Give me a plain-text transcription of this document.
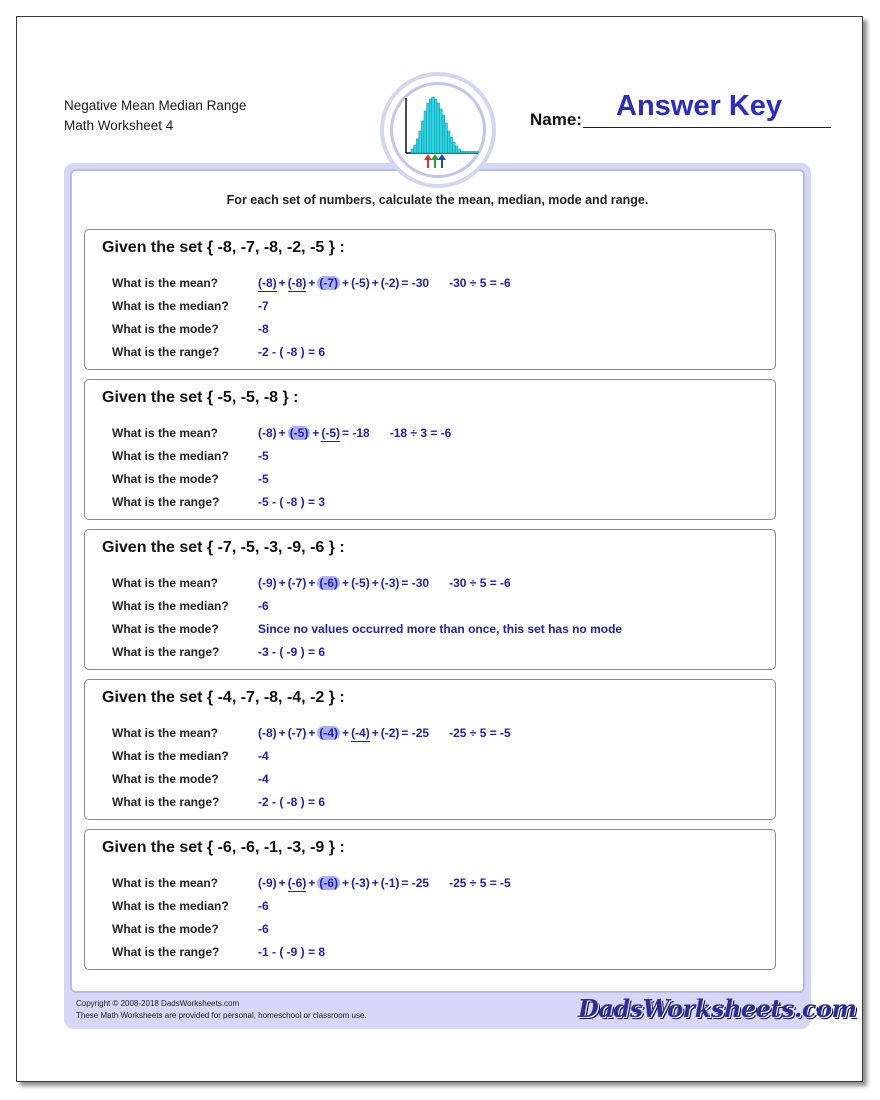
Negative Mean Median Range
Math Worksheet 4
Answer Key
Name:
For each set of numbers, calculate the mean, median, mode and range.
Given the set { -8, -7, -8, -2, -5 } :
What is the mean?	(-8) + (-8) + (-7) + (-5) + (-2) = -30 -30 ÷ 5 = -6
What is the median? -7
What is the mode?	-8
What is the range?	-2 - ( -8 ) = 6
Given the set { -5, -5, -8 } :
What is the mean?	(-8) + (-5) + (-5) = -18 -18 ÷ 3 = -6
What is the median? -5
What is the mode?	-5
What is the range?	-5 - ( -8 ) = 3
Given the set { -7, -5, -3, -9, -6 } :
What is the mean?	(-9) + (-7) + (-6) + (-5) + (-3) = -30 -30 ÷ 5 = -6
What is the median? -6
What is the mode?	Since no values occurred more than once, this set has no mode
What is the range?	-3 - ( -9 ) = 6
Given the set { -4, -7, -8, -4, -2 } :
What is the mean?	(-8) + (-7) + (-4) + (-4) + (-2) = -25 -25 ÷ 5 = -5
What is the median? -4
What is the mode?	-4
What is the range?	-2 - ( -8 ) = 6
Given the set { -6, -6, -1, -3, -9 } :
What is the mean?	(-9) + (-6) + (-6) + (-3) + (-1) = -25 -25 ÷ 5 = -5
What is the median? -6
What is the mode?	-6
What is the range?	-1 - ( -9 ) = 8
Copyright © 2008-2018 DadsWorksheets.com
These Math Worksheets are provided for personal, homeschool or classroom use.	DadsWorksheets.com
